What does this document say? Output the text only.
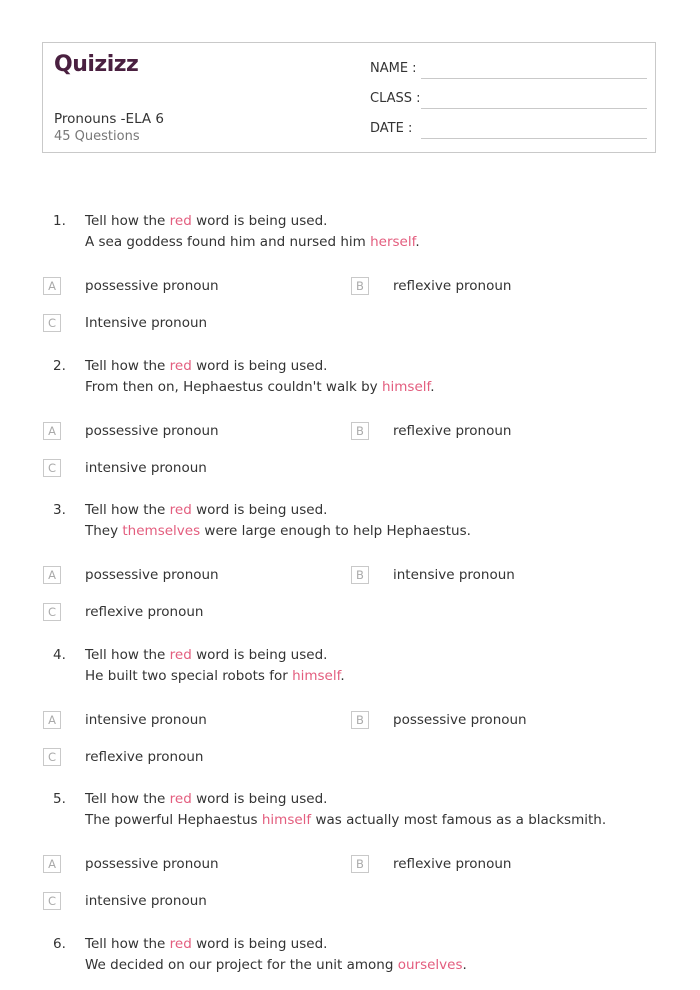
Quizizz
Pronouns -ELA 6
45 Questions
NAME :
CLASS :
DATE :
1. Tell how the red word is being used.
A sea goddess found him and nursed him herself.
A	possessive pronoun	B	reflexive pronoun
C	Intensive pronoun
2. Tell how the red word is being used.
From then on, Hephaestus couldn't walk by himself.
A	possessive pronoun	B	reflexive pronoun
C	intensive pronoun
3. Tell how the red word is being used.
They themselves were large enough to help Hephaestus.
A	possessive pronoun	B	intensive pronoun
C	reflexive pronoun
4. Tell how the red word is being used.
He built two special robots for himself.
A	intensive pronoun	B	possessive pronoun
C	reflexive pronoun
5. Tell how the red word is being used.
The powerful Hephaestus himself was actually most famous as a blacksmith.
A	possessive pronoun	B	reflexive pronoun
C	intensive pronoun
6. Tell how the red word is being used.
We decided on our project for the unit among ourselves.
